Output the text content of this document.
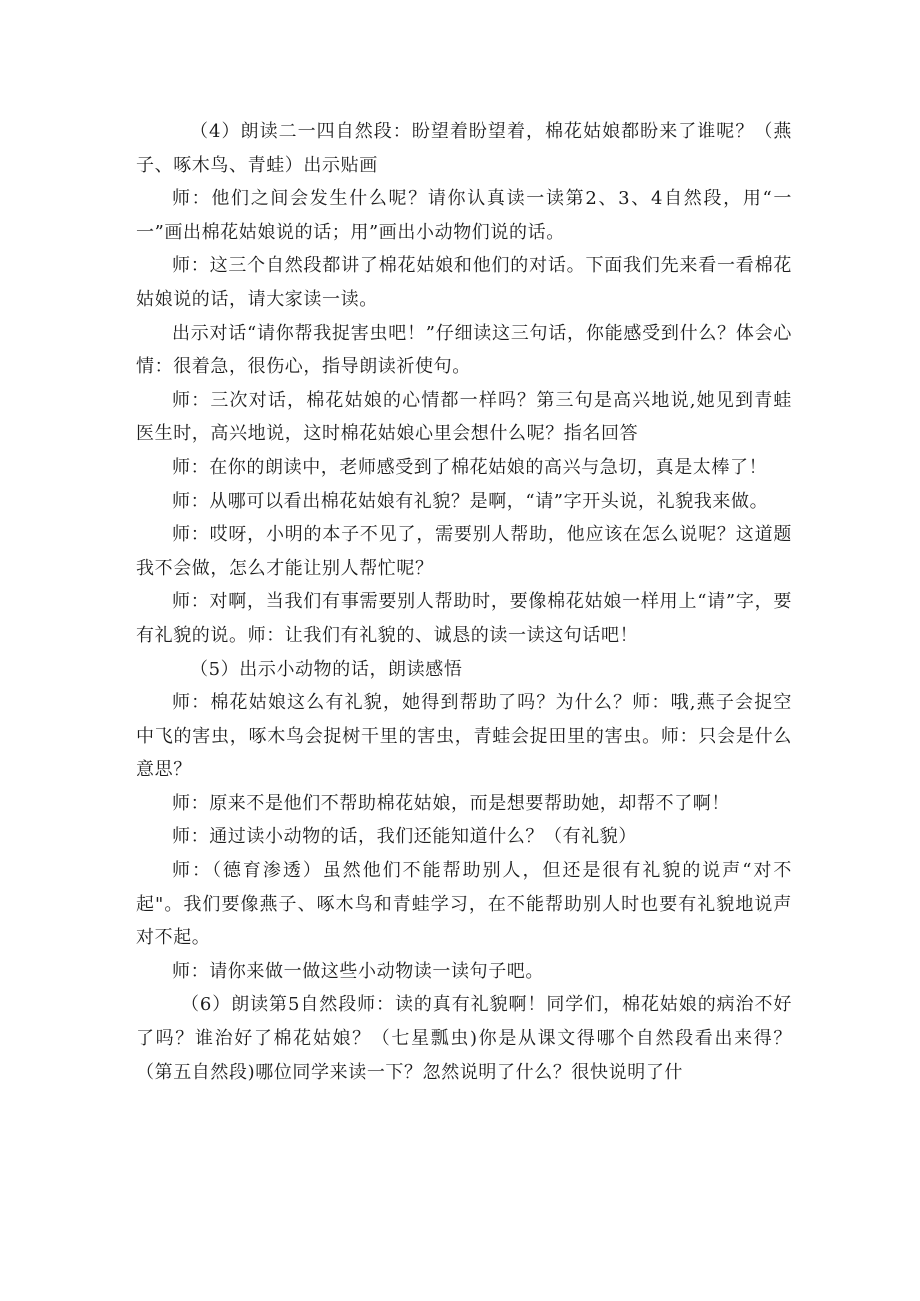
（4）朗读二一四自然段：盼望着盼望着，棉花姑娘都盼来了谁呢？（燕子、啄木鸟、青蛙）出示贴画

师：他们之间会发生什么呢？请你认真读一读第2、3、4自然段，用“一一”画出棉花姑娘说的话；用”画出小动物们说的话。

师：这三个自然段都讲了棉花姑娘和他们的对话。下面我们先来看一看棉花姑娘说的话，请大家读一读。

出示对话“请你帮我捉害虫吧！”仔细读这三句话，你能感受到什么？体会心情：很着急，很伤心，指导朗读祈使句。

师：三次对话，棉花姑娘的心情都一样吗？第三句是高兴地说,她见到青蛙医生时，高兴地说，这时棉花姑娘心里会想什么呢？指名回答

师：在你的朗读中，老师感受到了棉花姑娘的高兴与急切，真是太棒了！

师：从哪可以看出棉花姑娘有礼貌？是啊，“请”字开头说，礼貌我来做。

师：哎呀，小明的本子不见了，需要别人帮助，他应该在怎么说呢？这道题我不会做，怎么才能让别人帮忙呢？

师：对啊，当我们有事需要别人帮助时，要像棉花姑娘一样用上“请”字，要有礼貌的说。师：让我们有礼貌的、诚恳的读一读这句话吧！

（5）出示小动物的话，朗读感悟

师：棉花姑娘这么有礼貌，她得到帮助了吗？为什么？师：哦,燕子会捉空中飞的害虫，啄木鸟会捉树干里的害虫，青蛙会捉田里的害虫。师：只会是什么意思？

师：原来不是他们不帮助棉花姑娘，而是想要帮助她，却帮不了啊！

师：通过读小动物的话，我们还能知道什么？（有礼貌）

师：（德育渗透）虽然他们不能帮助别人，但还是很有礼貌的说声“对不起"。我们要像燕子、啄木鸟和青蛙学习，在不能帮助别人时也要有礼貌地说声对不起。

师：请你来做一做这些小动物读一读句子吧。

（6）朗读第5自然段师：读的真有礼貌啊！同学们，棉花姑娘的病治不好了吗？谁治好了棉花姑娘？（七星瓢虫)你是从课文得哪个自然段看出来得？（第五自然段)哪位同学来读一下？忽然说明了什么？很快说明了什
